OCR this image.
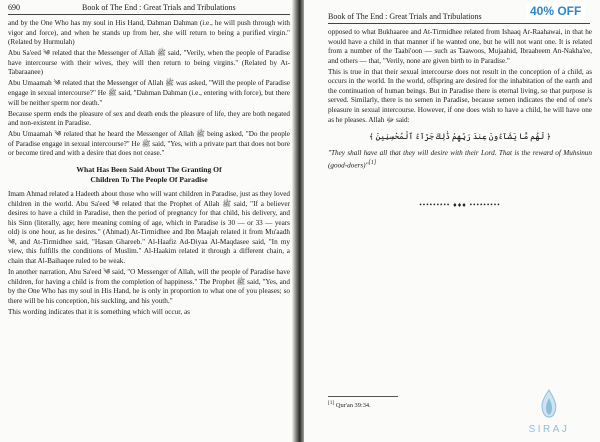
690	Book of The End : Great Trials and Tribulations

and by the One Who has my soul in His Hand, Dahman Dahman (i.e., he will push through with vigor and force), and when he stands up from her, she will return to being a purified virgin." (Related by Hurmulah)

Abu Sa'eed ༄ related that the Messenger of Allah ﷺ said, "Verily, when the people of Paradise have intercourse with their wives, they will then return to being virgins." (Related by At-Tabaraanee)

Abu Umaamah ༄ related that the Messenger of Allah ﷺ was asked, "Will the people of Paradise engage in sexual intercourse?" He ﷺ said, "Dahman Dahman (i.e., entering with force), but there will be neither sperm nor death."

Because sperm ends the pleasure of sex and death ends the pleasure of life, they are both negated and non-existent in Paradise.

Abu Umaamah ༄ related that he heard the Messenger of Allah ﷺ being asked, "Do the people of Paradise engage in sexual intercourse?" He ﷺ said, "Yes, with a private part that does not bore or become tired and with a desire that does not cease."

What Has Been Said About The Granting Of
Children To The People Of Paradise

Imam Ahmad related a Hadeeth about those who will want children in Paradise, just as they loved children in the world. Abu Sa'eed ༄ related that the Prophet of Allah ﷺ said, "If a believer desires to have a child in Paradise, then the period of pregnancy for that child, his delivery, and his Sinn (literally, age; here meaning coming of age, which in Paradise is 30 — or 33 — years old) is one hour, as he desires." (Ahmad) At-Tirmidhee and Ibn Maajah related it from Mu'aadh ༄, and At-Tirmidhee said, "Hasan Ghareeb." Al-Haafiz Ad-Diyaa Al-Maqdasee said, "In my view, this fulfills the conditions of Muslim." Al-Haakim related it through a different chain, a chain that Al-Baihaqee ruled to be weak.

In another narration, Abu Sa'eed ༄ said, "O Messenger of Allah, will the people of Paradise have children, for having a child is from the completion of happiness." The Prophet ﷺ said, "Yes, and by the One Who has my soul in His Hand, he is only in proportion to what one of you pleases; so there will be his conception, his suckling, and his youth."

This wording indicates that it is something which will occur, as

Book of The End : Great Trials and Tribulations

opposed to what Bukhaaree and At-Tirmidhee related from Ishaaq Ar-Raahawai, in that he would have a child in that manner if he wanted one, but he will not want one. It is related from a number of the Taabi'oon — such as Taawoos, Mujaahid, Ibraaheem An-Nakha'ee, and others — that, "Verily, none are given birth to in Paradise."

This is true in that their sexual intercourse does not result in the conception of a child, as occurs in the world. In the world, offspring are desired for the inhabitation of the earth and the continuation of human beings. But in Paradise there is eternal living, so that purpose is served. Similarly, there is no semen in Paradise, because semen indicates the end of one's pleasure in sexual intercourse. However, if one does wish to have a child, he will have one as he pleases. Allah ﷻ said:

﴿ لَهُم مَّا يَشَآءُونَ عِندَ رَبِّهِمْ ذَٰلِكَ جَزَآءُ ٱلْمُحْسِنِينَ ﴾

"They shall have all that they will desire with their Lord. That is the reward of Muhsinun (good-doers)"[1]

••••••••• ♦♦♦ •••••••••
[1] Qur'an 39:34.
40% OFF
SIRAJ
